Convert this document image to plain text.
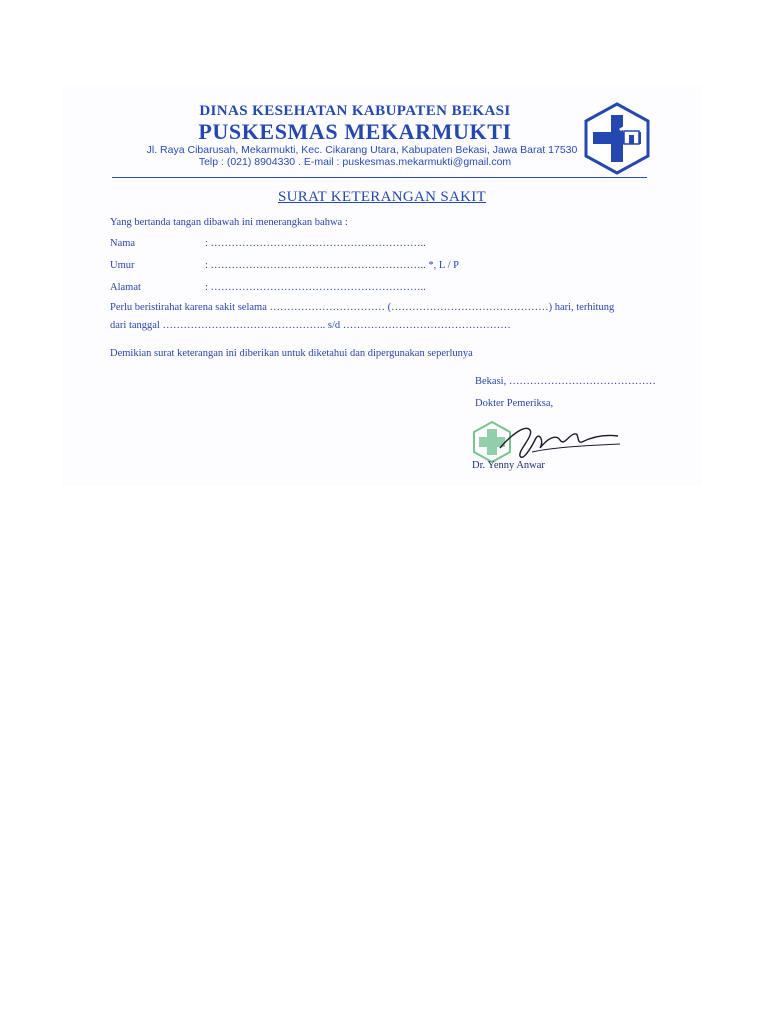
DINAS KESEHATAN KABUPATEN BEKASI
PUSKESMAS MEKARMUKTI
Jl. Raya Cibarusah, Mekarmukti, Kec. Cikarang Utara, Kabupaten Bekasi, Jawa Barat 17530
Telp : (021) 8904330 . E-mail : puskesmas.mekarmukti@gmail.com
SURAT KETERANGAN SAKIT
Yang bertanda tangan dibawah ini menerangkan bahwa :
Nama	: ……………………………………………………..
Umur	: …………………………………………………….. *, L / P
Alamat	: ……………………………………………………..
Perlu beristirahat karena sakit selama …………………………… (………………………………………) hari, terhitung
dari tanggal ……………………………………….. s/d …………………………………………
Demikian surat keterangan ini diberikan untuk diketahui dan dipergunakan seperlunya
Bekasi, ……………………………………
Dokter Pemeriksa,
Dr. Yenny Anwar
